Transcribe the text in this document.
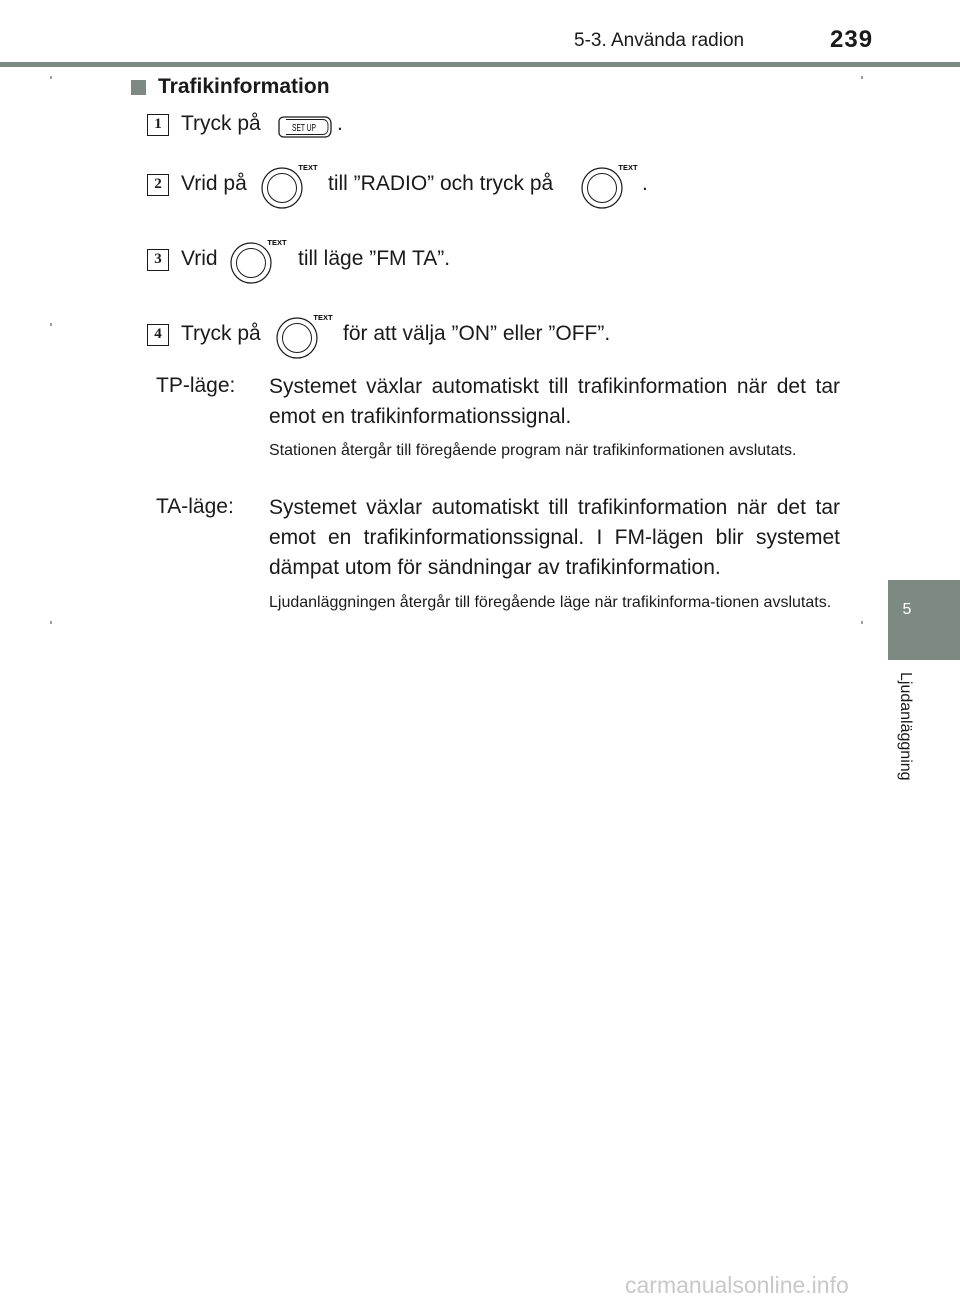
5-3. Använda radion	239
Trafikinformation
1 Tryck på	SET UP .
2 Vrid på
TEXT
till ”RADIO” och tryck på
TEXT
.
3 Vrid
TEXT
till läge ”FM TA”.
4 Tryck på
TEXT
för att välja ”ON” eller ”OFF”.
TP-läge: Systemet växlar automatiskt till trafikinformation när det tar emot en trafikinformationssignal.
Stationen återgår till föregående program när trafikinformationen avslutats.
TA-läge: Systemet växlar automatiskt till trafikinformation när det tar emot en trafikinformationssignal. I FM-lägen blir systemet dämpat utom för sändningar av trafikinformation.
Ljudanläggningen återgår till föregående läge när trafikinforma-tionen avslutats.	5
Ljudanläggning
carmanualsonline.info
